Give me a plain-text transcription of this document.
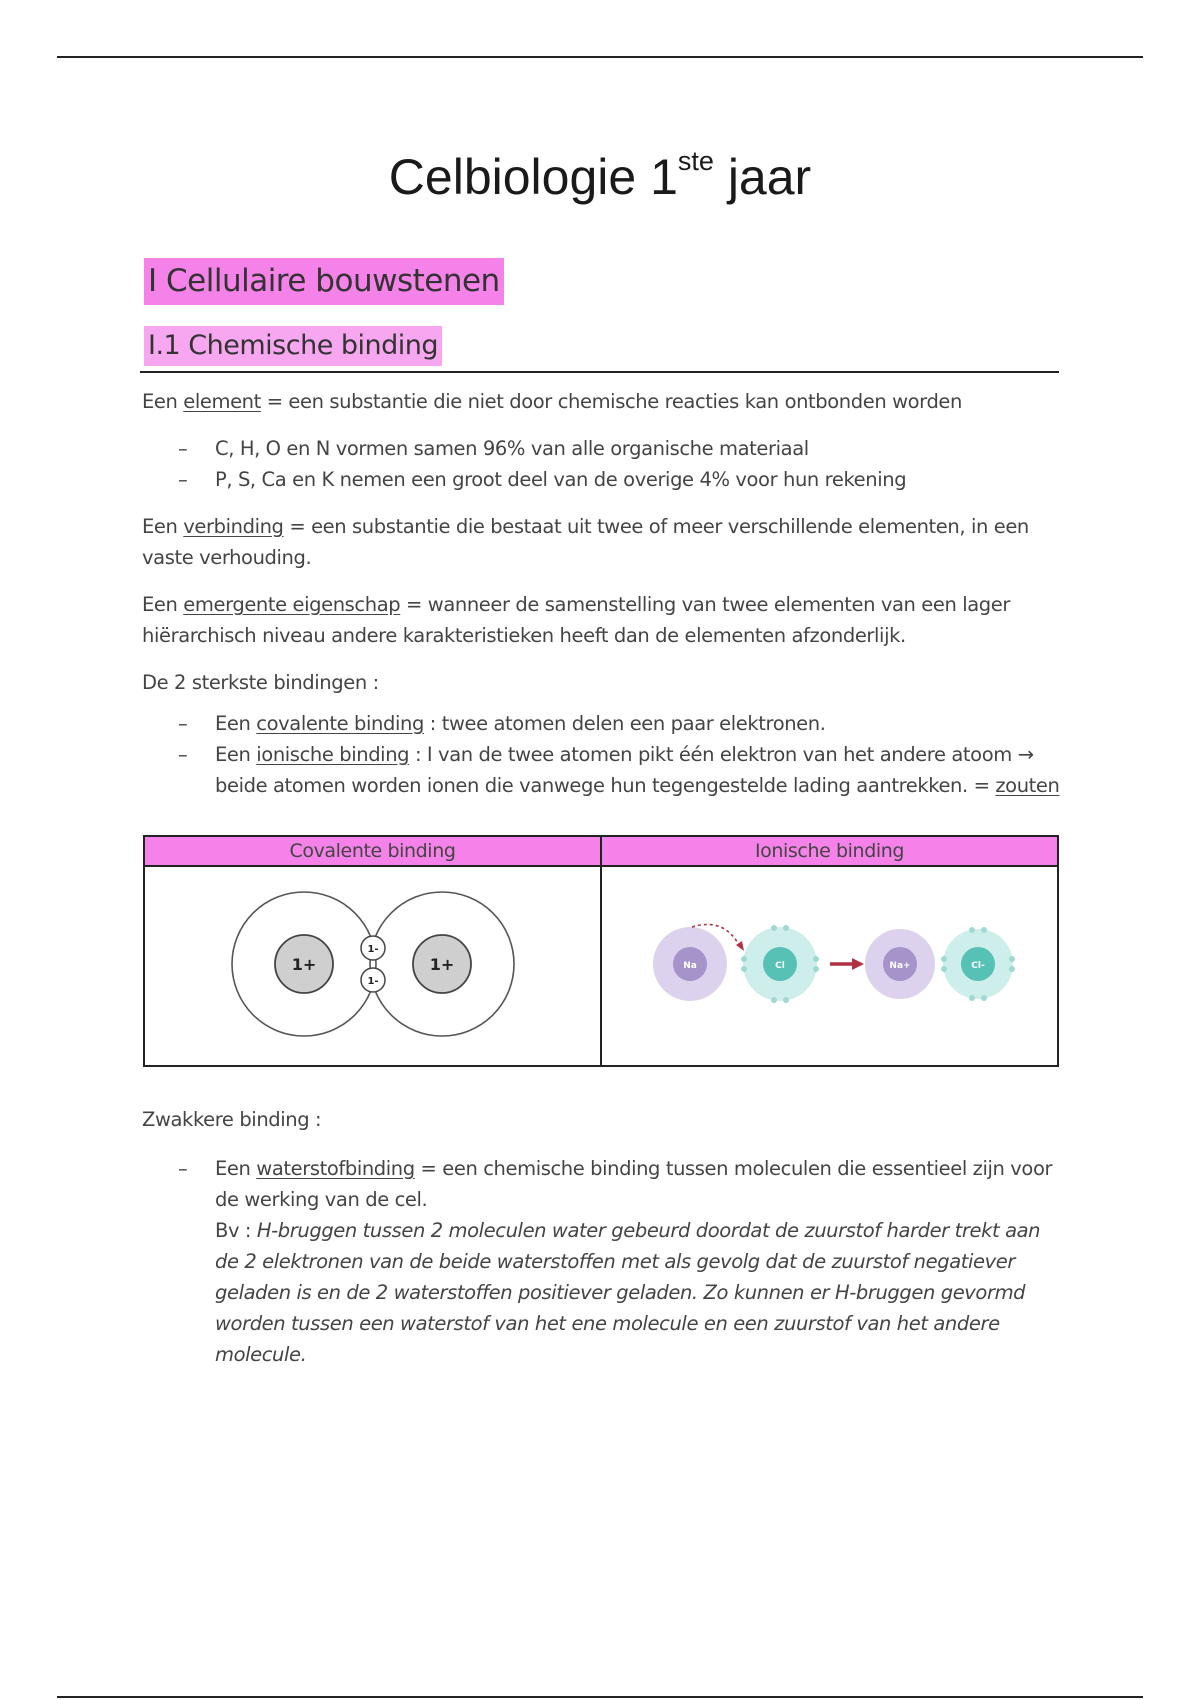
Celbiologie 1ste jaar
I Cellulaire bouwstenen
I.1 Chemische binding

Een element = een substantie die niet door chemische reacties kan ontbonden worden

– C, H, O en N vormen samen 96% van alle organische materiaal
– P, S, Ca en K nemen een groot deel van de overige 4% voor hun rekening

Een verbinding = een substantie die bestaat uit twee of meer verschillende elementen, in een vaste verhouding.

Een emergente eigenschap = wanneer de samenstelling van twee elementen van een lager hiërarchisch niveau andere karakteristieken heeft dan de elementen afzonderlijk.

De 2 sterkste bindingen :

– Een covalente binding : twee atomen delen een paar elektronen.
– Een ionische binding : I van de twee atomen pikt één elektron van het andere atoom → beide atomen worden ionen die vanwege hun tegengestelde lading aantrekken. = zouten
Covalente binding	Ionische binding

1+ 1+
1-
1-	Na Cl Na+ Cl-

Zwakkere binding :

– Een waterstofbinding = een chemische binding tussen moleculen die essentieel zijn voor de werking van de cel.
Bv : H-bruggen tussen 2 moleculen water gebeurd doordat de zuurstof harder trekt aan de 2 elektronen van de beide waterstoffen met als gevolg dat de zuurstof negatiever geladen is en de 2 waterstoffen positiever geladen. Zo kunnen er H-bruggen gevormd worden tussen een waterstof van het ene molecule en een zuurstof van het andere molecule.
